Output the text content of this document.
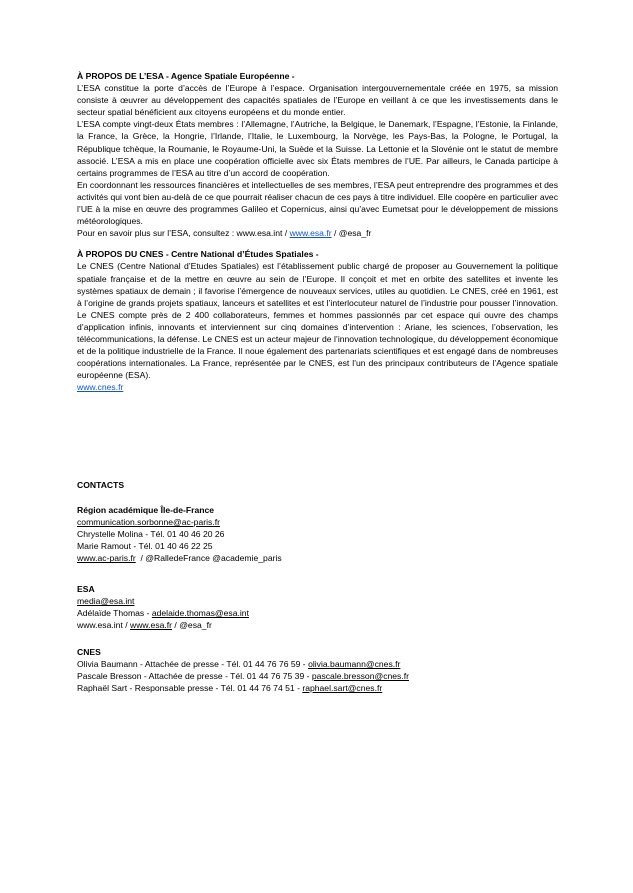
À PROPOS DE L’ESA - Agence Spatiale Européenne -

L’ESA constitue la porte d’accès de l’Europe à l’espace. Organisation intergouvernementale créée en 1975, sa mission consiste à œuvrer au développement des capacités spatiales de l’Europe en veillant à ce que les investissements dans le secteur spatial bénéficient aux citoyens européens et du monde entier.

L’ESA compte vingt-deux États membres : l’Allemagne, l’Autriche, la Belgique, le Danemark, l’Espagne, l’Estonie, la Finlande, la France, la Grèce, la Hongrie, l’Irlande, l’Italie, le Luxembourg, la Norvège, les Pays-Bas, la Pologne, le Portugal, la République tchèque, la Roumanie, le Royaume-Uni, la Suède et la Suisse. La Lettonie et la Slovénie ont le statut de membre associé. L’ESA a mis en place une coopération officielle avec six États membres de l’UE. Par ailleurs, le Canada participe à certains programmes de l’ESA au titre d’un accord de coopération.

En coordonnant les ressources financières et intellectuelles de ses membres, l’ESA peut entreprendre des programmes et des activités qui vont bien au-delà de ce que pourrait réaliser chacun de ces pays à titre individuel. Elle coopère en particulier avec l’UE à la mise en œuvre des programmes Galileo et Copernicus, ainsi qu’avec Eumetsat pour le développement de missions météorologiques.

Pour en savoir plus sur l’ESA, consultez : www.esa.int / www.esa.fr / @esa_fr

À PROPOS DU CNES - Centre National d’Études Spatiales -

Le CNES (Centre National d’Etudes Spatiales) est l’établissement public chargé de proposer au Gouvernement la politique spatiale française et de la mettre en œuvre au sein de l’Europe. Il conçoit et met en orbite des satellites et invente les systèmes spatiaux de demain ; il favorise l’émergence de nouveaux services, utiles au quotidien. Le CNES, créé en 1961, est à l’origine de grands projets spatiaux, lanceurs et satellites et est l’interlocuteur naturel de l’industrie pour pousser l’innovation. Le CNES compte près de 2 400 collaborateurs, femmes et hommes passionnés par cet espace qui ouvre des champs d’application infinis, innovants et interviennent sur cinq domaines d’intervention : Ariane, les sciences, l’observation, les télécommunications, la défense. Le CNES est un acteur majeur de l’innovation technologique, du développement économique et de la politique industrielle de la France. Il noue également des partenariats scientifiques et est engagé dans de nombreuses coopérations internationales. La France, représentée par le CNES, est l’un des principaux contributeurs de l’Agence spatiale européenne (ESA).

www.cnes.fr

CONTACTS
Région académique Île-de-France
communication.sorbonne@ac-paris.fr
Chrystelle Molina - Tél. 01 40 46 20 26
Marie Ramout - Tél. 01 40 46 22 25
www.ac-paris.fr  / @RalledeFrance @academie_paris
ESA
media@esa.int
Adélaïde Thomas - adelaide.thomas@esa.int
www.esa.int / www.esa.fr / @esa_fr
CNES
Olivia Baumann - Attachée de presse - Tél. 01 44 76 76 59 - olivia.baumann@cnes.fr
Pascale Bresson - Attachée de presse - Tél. 01 44 76 75 39 - pascale.bresson@cnes.fr
Raphaël Sart - Responsable presse - Tél. 01 44 76 74 51 - raphael.sart@cnes.fr
